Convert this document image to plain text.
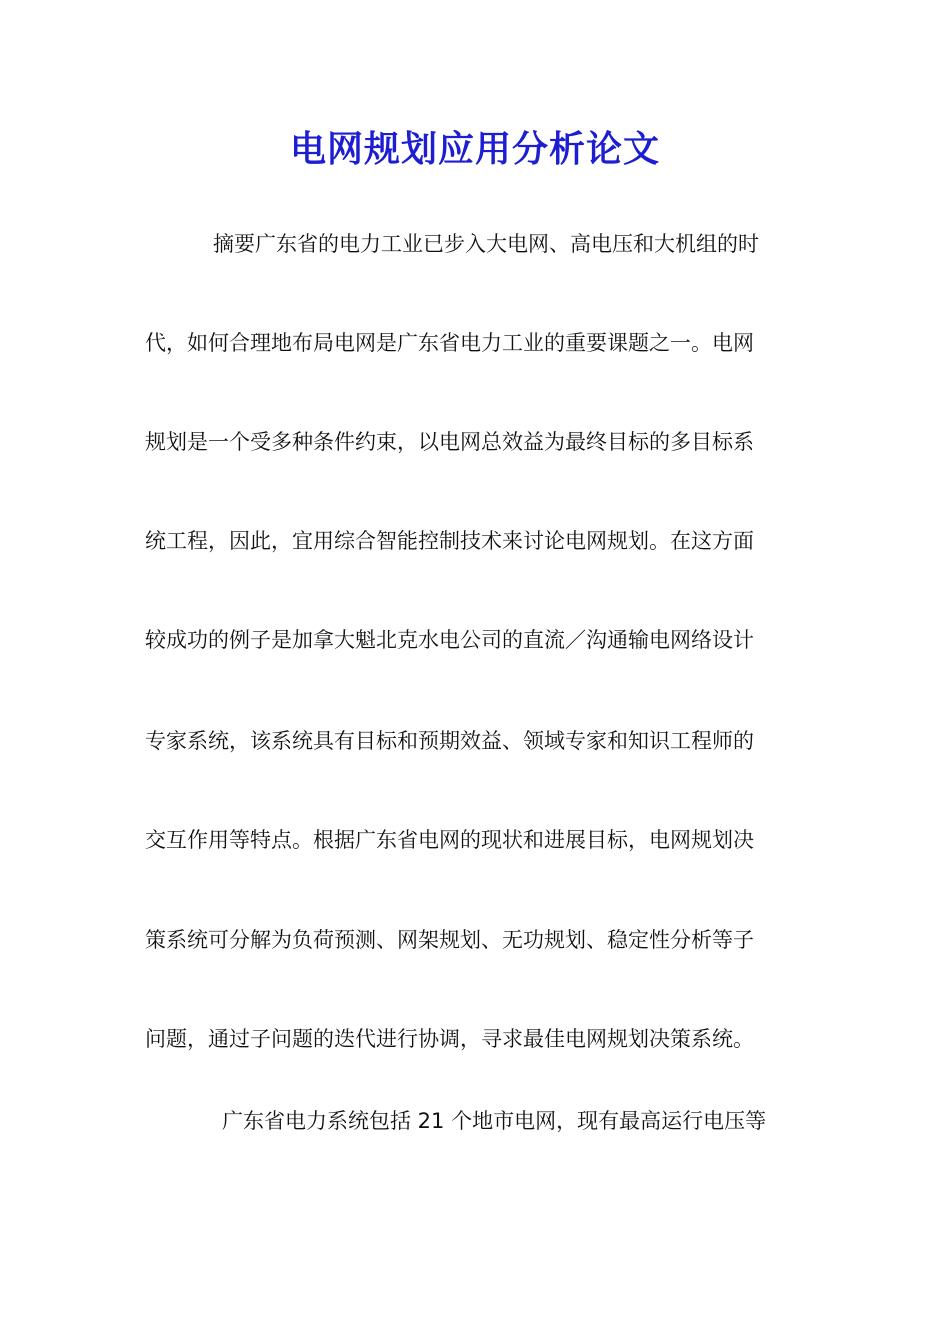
电网规划应用分析论文

摘要广东省的电力工业已步入大电网、高电压和大机组的时

代，如何合理地布局电网是广东省电力工业的重要课题之一。电网

规划是一个受多种条件约束，以电网总效益为最终目标的多目标系

统工程，因此，宜用综合智能控制技术来讨论电网规划。在这方面

较成功的例子是加拿大魁北克水电公司的直流／沟通输电网络设计

专家系统，该系统具有目标和预期效益、领域专家和知识工程师的

交互作用等特点。根据广东省电网的现状和进展目标，电网规划决

策系统可分解为负荷预测、网架规划、无功规划、稳定性分析等子

问题，通过子问题的迭代进行协调，寻求最佳电网规划决策系统。

广东省电力系统包括 21 个地市电网，现有最高运行电压等
